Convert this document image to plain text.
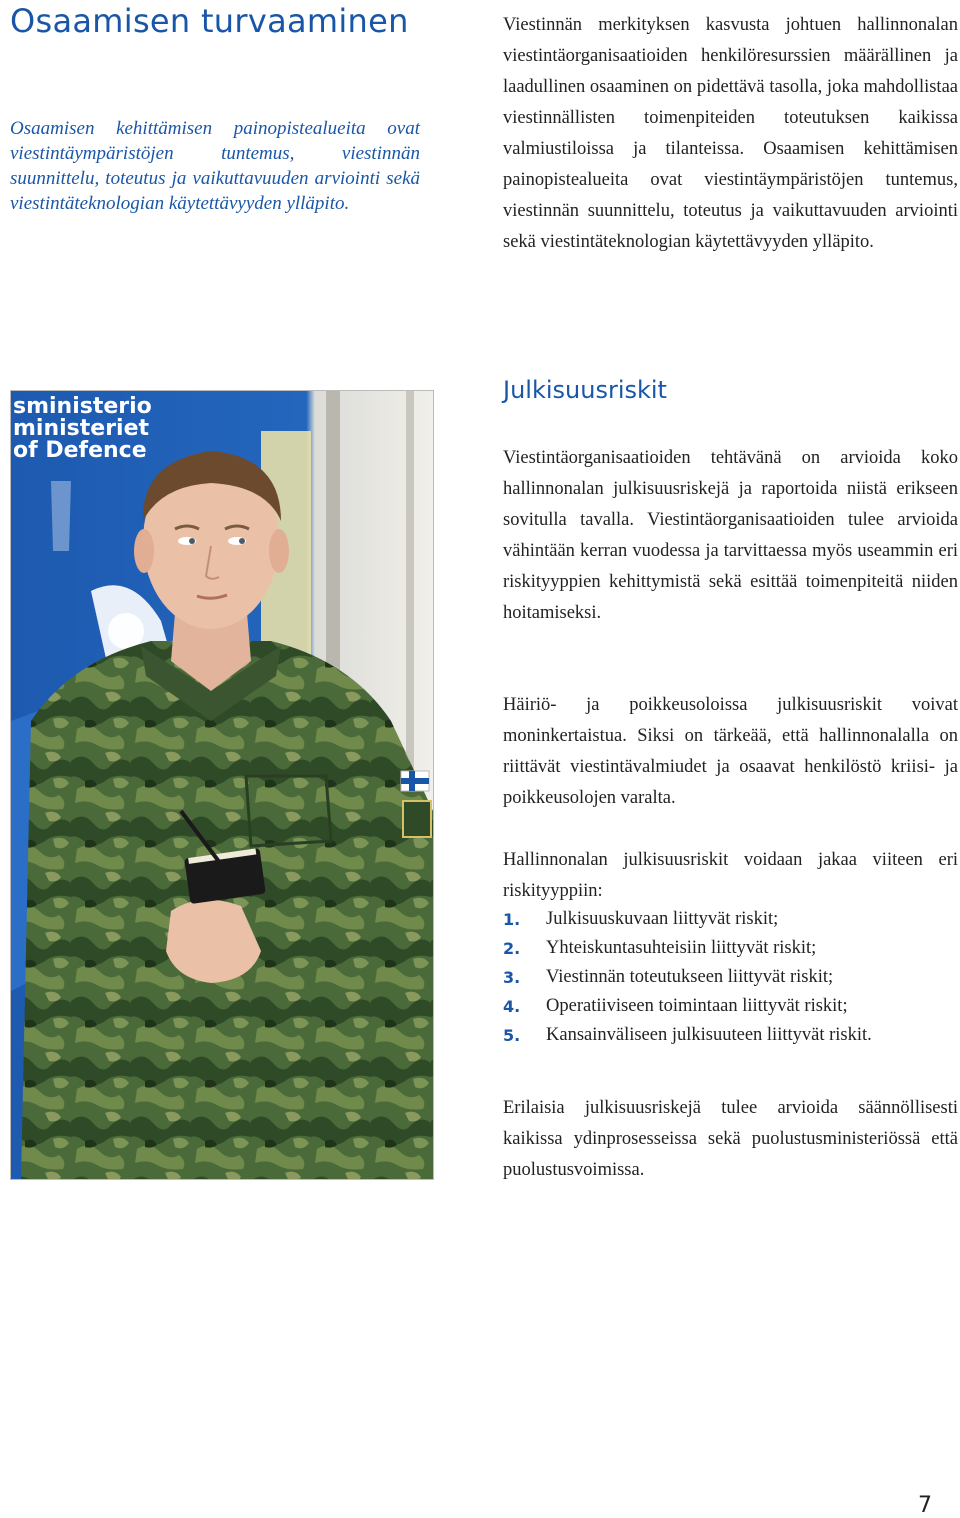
Osaamisen turvaaminen

Osaamisen kehittämisen painopistealueita ovat viestintäympäristöjen tuntemus, viestinnän suunnittelu, toteutus ja vaikuttavuuden arviointi sekä viestintäteknologian käytettävyyden ylläpito.

Viestinnän merkityksen kasvusta johtuen hallinnonalan viestintäorganisaatioiden henkilöresurssien määrällinen ja laadullinen osaaminen on pidettävä tasolla, joka mahdollistaa viestinnällisten toimenpiteiden toteutuksen kaikissa valmiustiloissa ja tilanteissa. Osaamisen kehittämisen painopistealueita ovat viestintäympäristöjen tuntemus, viestinnän suunnittelu, toteutus ja vaikuttavuuden arviointi sekä viestintäteknologian käytettävyyden ylläpito.

sministerio
ministeriet
of Defence
Julkisuusriskit

Viestintäorganisaatioiden tehtävänä on arvioida koko hallinnonalan julkisuusriskejä ja raportoida niistä erikseen sovitulla tavalla. Viestintäorganisaatioiden tulee arvioida vähintään kerran vuodessa ja tarvittaessa myös useammin eri riskityyppien kehittymistä sekä esittää toimenpiteitä niiden hoitamiseksi.

Häiriö- ja poikkeusoloissa julkisuusriskit voivat moninkertaistua. Siksi on tärkeää, että hallinnonalalla on riittävät viestintävalmiudet ja osaavat henkilöstö kriisi- ja poikkeusolojen varalta.

Hallinnonalan julkisuusriskit voidaan jakaa viiteen eri riskityyppiin:

1. Julkisuuskuvaan liittyvät riskit;
2. Yhteiskuntasuhteisiin liittyvät riskit;
3. Viestinnän toteutukseen liittyvät riskit;
4. Operatiiviseen toimintaan liittyvät riskit;
5. Kansainväliseen julkisuuteen liittyvät riskit.

Erilaisia julkisuusriskejä tulee arvioida säännöllisesti kaikissa ydinprosesseissa sekä puolustusministeriössä että puolustusvoimissa.

7
